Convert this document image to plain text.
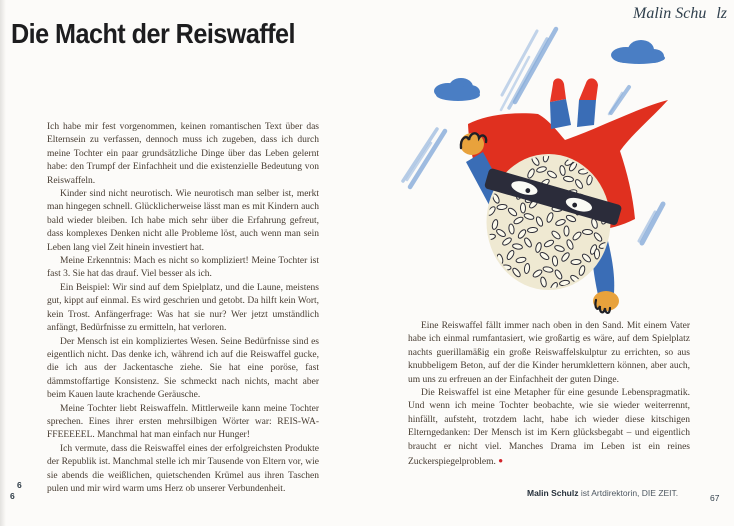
Die Macht der Reiswaffel

Ich habe mir fest vorgenommen, keinen romantischen Text über das Elternsein zu verfassen, dennoch muss ich zugeben, dass ich durch meine Tochter ein paar grundsätzliche Dinge über das Leben gelernt habe: den Trumpf der Einfachheit und die existenzielle Bedeutung von Reiswaffeln.

Kinder sind nicht neurotisch. Wie neurotisch man selber ist, merkt man hingegen schnell. Glücklicherweise lässt man es mit Kindern auch bald wieder bleiben. Ich habe mich sehr über die Erfahrung gefreut, dass komplexes Denken nicht alle Probleme löst, auch wenn man sein Leben lang viel Zeit hinein investiert hat.

Meine Erkenntnis: Mach es nicht so kompliziert! Meine Tochter ist fast 3. Sie hat das drauf. Viel besser als ich.

Ein Beispiel: Wir sind auf dem Spielplatz, und die Laune, meistens gut, kippt auf einmal. Es wird geschrien und getobt. Da hilft kein Wort, kein Trost. Anfängerfrage: Was hat sie nur? Wer jetzt umständlich anfängt, Bedürfnisse zu ermitteln, hat verloren.

Der Mensch ist ein kompliziertes Wesen. Seine Bedürfnisse sind es eigentlich nicht. Das denke ich, während ich auf die Reiswaffel gucke, die ich aus der Jackentasche ziehe. Sie hat eine poröse, fast dämmstoffartige Konsistenz. Sie schmeckt nach nichts, macht aber beim Kauen laute krachende Geräusche.

Meine Tochter liebt Reiswaffeln. Mittlerweile kann meine Tochter sprechen. Eines ihrer ersten mehrsilbigen Wörter war: REIS-WA-FFEEEEEL. Manchmal hat man einfach nur Hunger!

Ich vermute, dass die Reiswaffel eines der erfolgreichsten Produkte der Republik ist. Manchmal stelle ich mir Tausende von Eltern vor, wie sie abends die weißlichen, quietschenden Krümel aus ihren Taschen pulen und mir wird warm ums Herz ob unserer Verbundenheit.

6
6
Malin Schu lz

Eine Reiswaffel fällt immer nach oben in den Sand. Mit einem Vater habe ich einmal rumfantasiert, wie großartig es wäre, auf dem Spielplatz nachts guerillamäßig ein große Reiswaffelskulptur zu errichten, so aus knubbeligem Beton, auf der die Kinder herumklettern können, aber auch, um uns zu erfreuen an der Einfachheit der guten Dinge.

Die Reiswaffel ist eine Metapher für eine gesunde Lebenspragmatik. Und wenn ich meine Tochter beobachte, wie sie wieder weiterrennt, hinfällt, aufsteht, trotzdem lacht, habe ich wieder diese kitschigen Elterngedanken: Der Mensch ist im Kern glücksbegabt – und eigentlich braucht er nicht viel. Manches Drama im Leben ist ein reines Zuckerspiegelproblem. ●

Malin Schulz ist Artdirektorin, DIE ZEIT.	67
